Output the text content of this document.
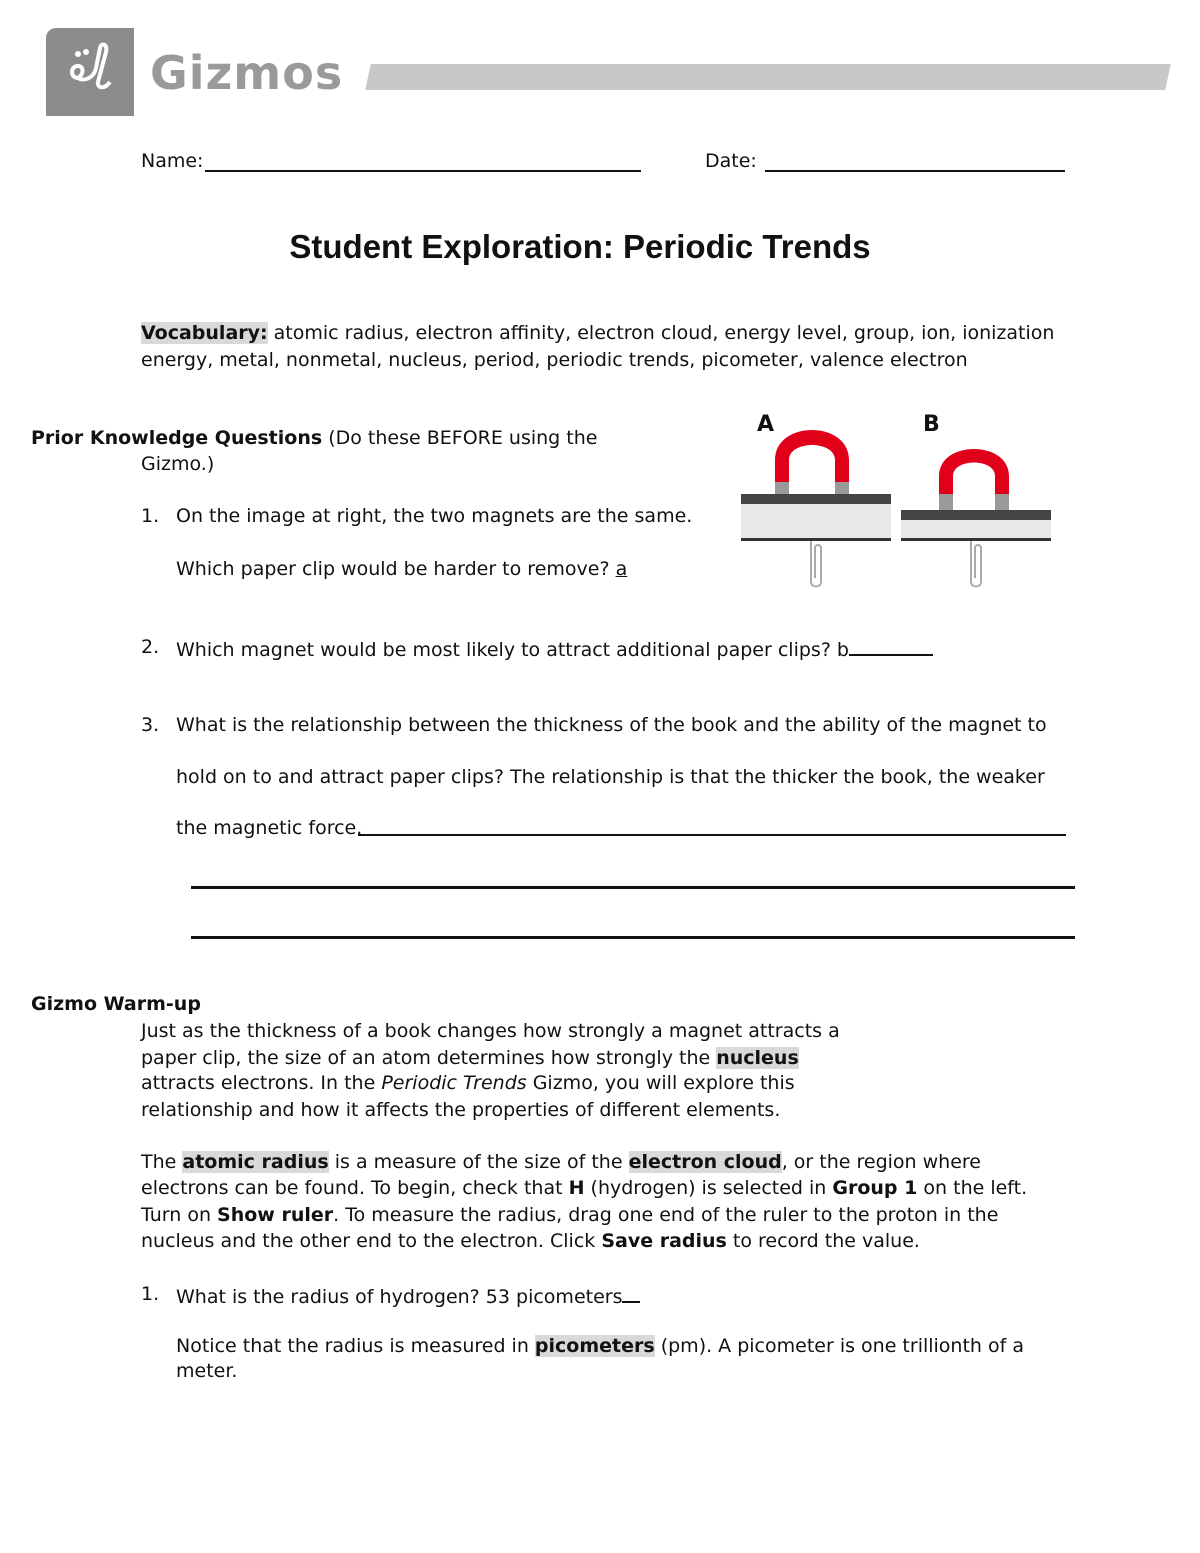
Gizmos
Name:	Date:
Student Exploration: Periodic Trends
Vocabulary: atomic radius, electron affinity, electron cloud, energy level, group, ion, ionization
energy, metal, nonmetal, nucleus, period, periodic trends, picometer, valence electron
Prior Knowledge Questions (Do these BEFORE using the
Gizmo.)
1. On the image at right, the two magnets are the same.
Which paper clip would be harder to remove? a
2. Which magnet would be most likely to attract additional paper clips? b
3. What is the relationship between the thickness of the book and the ability of the magnet to
hold on to and attract paper clips? The relationship is that the thicker the book, the weaker
the magnetic force.
A	B
Gizmo Warm-up
Just as the thickness of a book changes how strongly a magnet attracts a
paper clip, the size of an atom determines how strongly the nucleus
attracts electrons. In the Periodic Trends Gizmo, you will explore this
relationship and how it affects the properties of different elements.
The atomic radius is a measure of the size of the electron cloud, or the region where
electrons can be found. To begin, check that H (hydrogen) is selected in Group 1 on the left.
Turn on Show ruler. To measure the radius, drag one end of the ruler to the proton in the
nucleus and the other end to the electron. Click Save radius to record the value.
1. What is the radius of hydrogen? 53 picometers
Notice that the radius is measured in picometers (pm). A picometer is one trillionth of a
meter.
